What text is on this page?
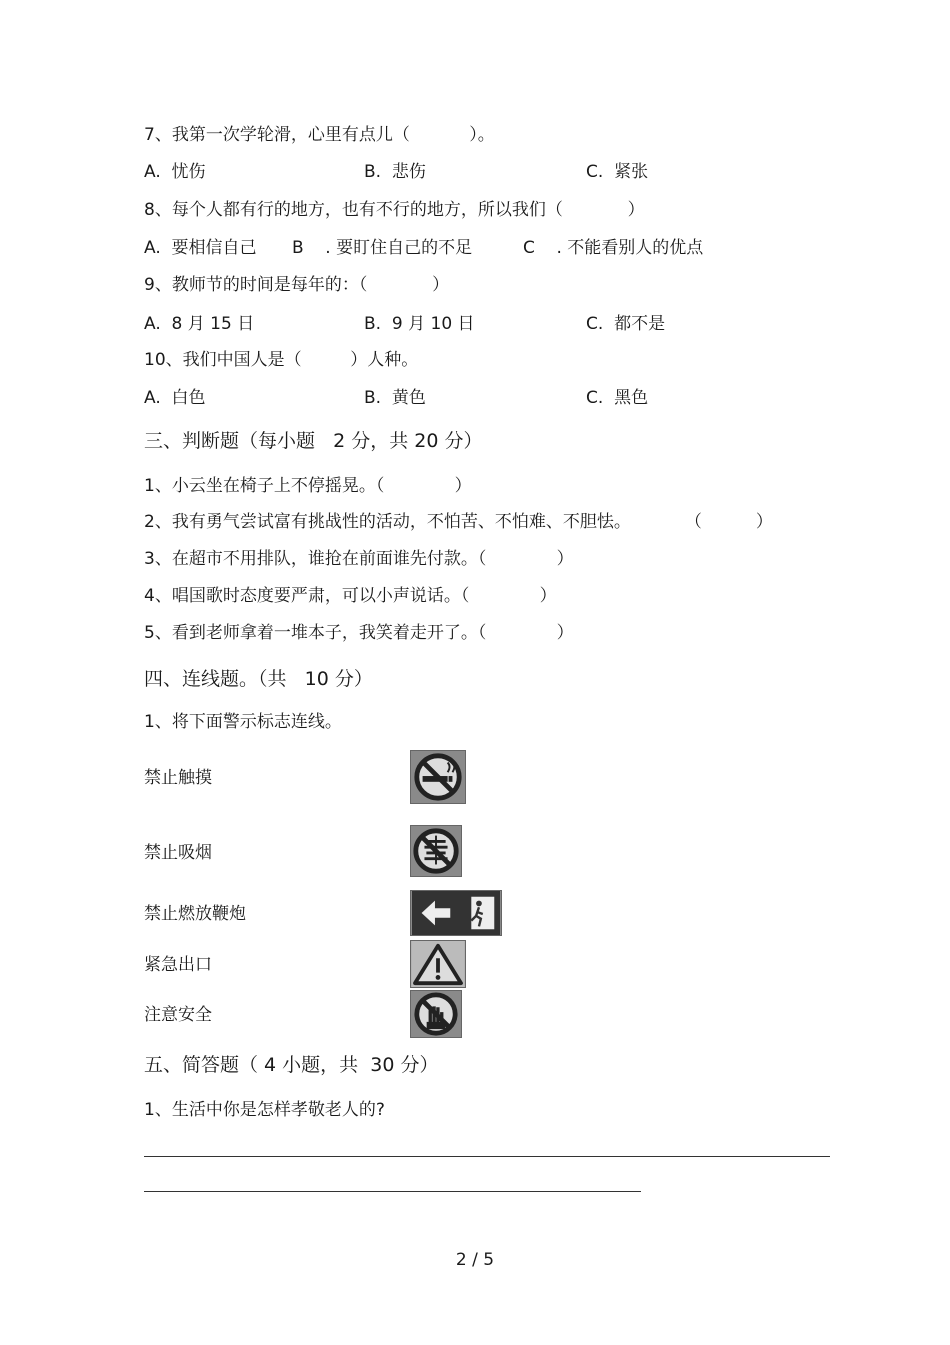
7、我第一次学轮滑，心里有点儿（           ）。
A.  忧伤	B.  悲伤	C.  紧张
8、每个人都有行的地方，也有不行的地方，所以我们（            ）
A.  要相信自己 B    . 要盯住自己的不足	C    . 不能看别人的优点
9、教师节的时间是每年的：（            ）
A.  8 月 15 日	B.  9 月 10 日	C.  都不是
10、我们中国人是（         ）人种。
A.  白色	B.  黄色	C.  黑色
三、判断题（每小题   2 分，共 20 分）
1、小云坐在椅子上不停摇晃。（             ）
2、我有勇气尝试富有挑战性的活动，不怕苦、不怕难、不胆怯。          （          ）
3、在超市不用排队，谁抢在前面谁先付款。（             ）
4、唱国歌时态度要严肃，可以小声说话。（             ）
5、看到老师拿着一堆本子，我笑着走开了。（             ）
四、连线题。（共   10 分）
1、将下面警示标志连线。
禁止触摸
禁止吸烟
禁止燃放鞭炮
紧急出口
注意安全
五、简答题（ 4 小题，共  30 分）
1、生活中你是怎样孝敬老人的?
2 / 5
